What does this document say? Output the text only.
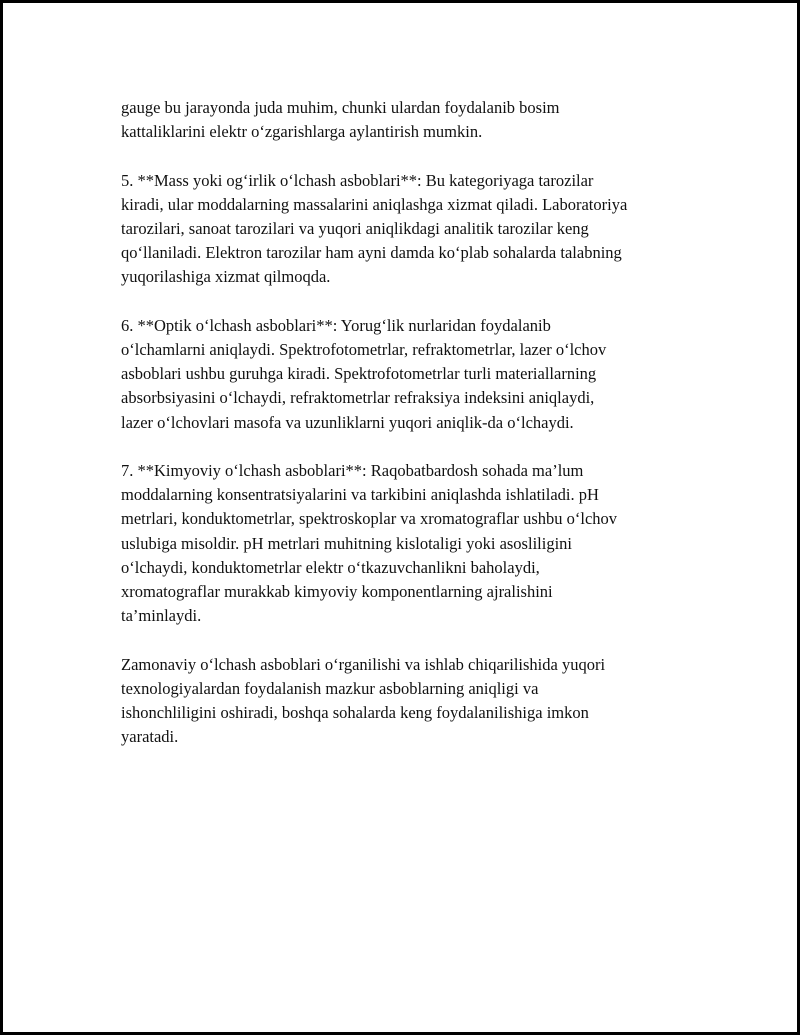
gauge bu jarayonda juda muhim, chunki ulardan foydalanib bosim
kattaliklarini elektr o‘zgarishlarga aylantirish mumkin.

5. **Mass yoki og‘irlik o‘lchash asboblari**: Bu kategoriyaga tarozilar
kiradi, ular moddalarning massalarini aniqlashga xizmat qiladi. Laboratoriya
tarozilari, sanoat tarozilari va yuqori aniqlikdagi analitik tarozilar keng
qo‘llaniladi. Elektron tarozilar ham ayni damda ko‘plab sohalarda talabning
yuqorilashiga xizmat qilmoqda.

6. **Optik o‘lchash asboblari**: Yorug‘lik nurlaridan foydalanib
o‘lchamlarni aniqlaydi. Spektrofotometrlar, refraktometrlar, lazer o‘lchov
asboblari ushbu guruhga kiradi. Spektrofotometrlar turli materiallarning
absorbsiyasini o‘lchaydi, refraktometrlar refraksiya indeksini aniqlaydi,
lazer o‘lchovlari masofa va uzunliklarni yuqori aniqlik-da o‘lchaydi.

7. **Kimyoviy o‘lchash asboblari**: Raqobatbardosh sohada ma’lum
moddalarning konsentratsiyalarini va tarkibini aniqlashda ishlatiladi. pH
metrlari, konduktometrlar, spektroskoplar va xromatograflar ushbu o‘lchov
uslubiga misoldir. pH metrlari muhitning kislotaligi yoki asosliligini
o‘lchaydi, konduktometrlar elektr o‘tkazuvchanlikni baholaydi,
xromatograflar murakkab kimyoviy komponentlarning ajralishini
ta’minlaydi.

Zamonaviy o‘lchash asboblari o‘rganilishi va ishlab chiqarilishida yuqori
texnologiyalardan foydalanish mazkur asboblarning aniqligi va
ishonchliligini oshiradi, boshqa sohalarda keng foydalanilishiga imkon
yaratadi.
